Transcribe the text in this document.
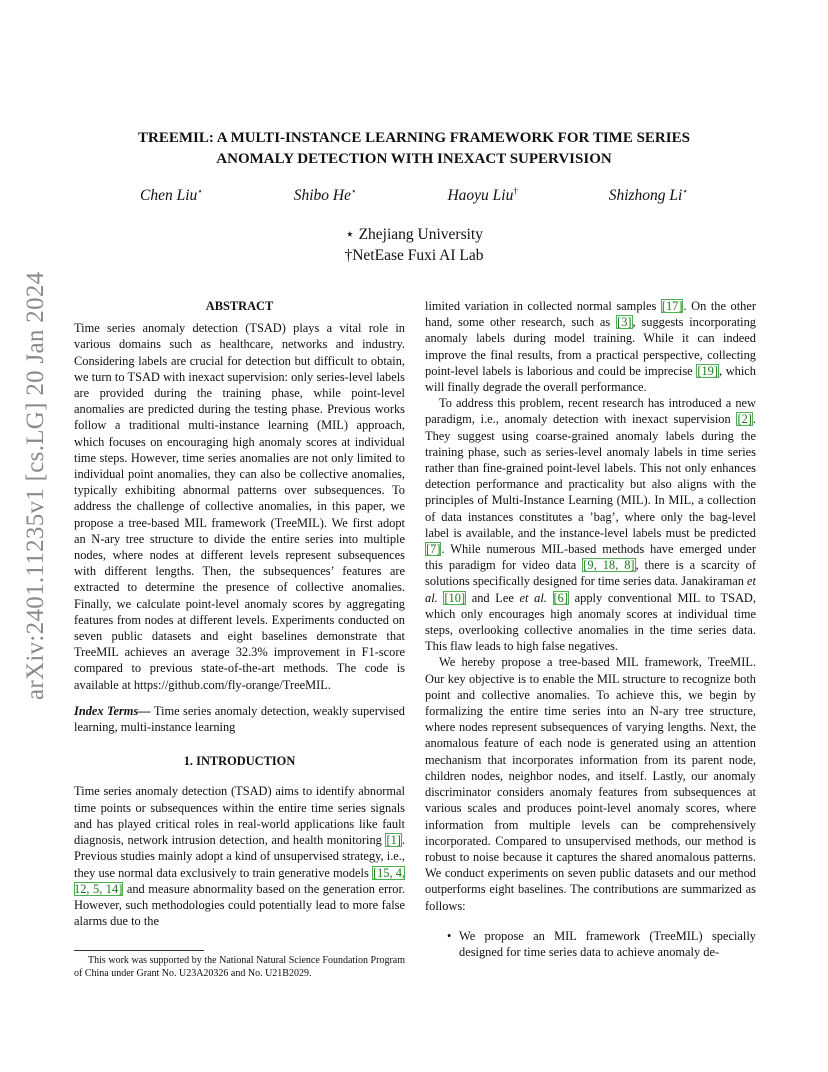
arXiv:2401.11235v1 [cs.LG] 20 Jan 2024
TREEMIL: A MULTI-INSTANCE LEARNING FRAMEWORK FOR TIME SERIES
ANOMALY DETECTION WITH INEXACT SUPERVISION
Chen Liu⋆	Shibo He⋆	Haoyu Liu†	Shizhong Li⋆
⋆ Zhejiang University
†NetEase Fuxi AI Lab
ABSTRACT

Time series anomaly detection (TSAD) plays a vital role in various domains such as healthcare, networks and industry. Considering labels are crucial for detection but difficult to obtain, we turn to TSAD with inexact supervision: only series-level labels are provided during the training phase, while point-level anomalies are predicted during the testing phase. Previous works follow a traditional multi-instance learning (MIL) approach, which focuses on encouraging high anomaly scores at individual time steps. However, time series anomalies are not only limited to individual point anomalies, they can also be collective anomalies, typically exhibiting abnormal patterns over subsequences. To address the challenge of collective anomalies, in this paper, we propose a tree-based MIL framework (TreeMIL). We first adopt an N-ary tree structure to divide the entire series into multiple nodes, where nodes at different levels represent subsequences with different lengths. Then, the subsequences’ features are extracted to determine the presence of collective anomalies. Finally, we calculate point-level anomaly scores by aggregating features from nodes at different levels. Experiments conducted on seven public datasets and eight baselines demonstrate that TreeMIL achieves an average 32.3% improvement in F1-score compared to previous state-of-the-art methods. The code is available at https://github.com/fly-orange/TreeMIL.

Index Terms— Time series anomaly detection, weakly supervised learning, multi-instance learning

1. INTRODUCTION

Time series anomaly detection (TSAD) aims to identify abnormal time points or subsequences within the entire time series signals and has played critical roles in real-world applications like fault diagnosis, network intrusion detection, and health monitoring [1]. Previous studies mainly adopt a kind of unsupervised strategy, i.e., they use normal data exclusively to train generative models [15, 4, 12, 5, 14] and measure abnormality based on the generation error. However, such methodologies could potentially lead to more false alarms due to the

This work was supported by the National Natural Science Foundation Program of China under Grant No. U23A20326 and No. U21B2029.

limited variation in collected normal samples [17]. On the other hand, some other research, such as [3], suggests incorporating anomaly labels during model training. While it can indeed improve the final results, from a practical perspective, collecting point-level labels is laborious and could be imprecise [19], which will finally degrade the overall performance.

To address this problem, recent research has introduced a new paradigm, i.e., anomaly detection with inexact supervision [2]. They suggest using coarse-grained anomaly labels during the training phase, such as series-level anomaly labels in time series rather than fine-grained point-level labels. This not only enhances detection performance and practicality but also aligns with the principles of Multi-Instance Learning (MIL). In MIL, a collection of data instances constitutes a ’bag’, where only the bag-level label is available, and the instance-level labels must be predicted [7]. While numerous MIL-based methods have emerged under this paradigm for video data [9, 18, 8], there is a scarcity of solutions specifically designed for time series data. Janakiraman et al. [10] and Lee et al. [6] apply conventional MIL to TSAD, which only encourages high anomaly scores at individual time steps, overlooking collective anomalies in the time series data. This flaw leads to high false negatives.

We hereby propose a tree-based MIL framework, TreeMIL. Our key objective is to enable the MIL structure to recognize both point and collective anomalies. To achieve this, we begin by formalizing the entire time series into an N-ary tree structure, where nodes represent subsequences of varying lengths. Next, the anomalous feature of each node is generated using an attention mechanism that incorporates information from its parent node, children nodes, neighbor nodes, and itself. Lastly, our anomaly discriminator considers anomaly features from subsequences at various scales and produces point-level anomaly scores, where information from multiple levels can be comprehensively incorporated. Compared to unsupervised methods, our method is robust to noise because it captures the shared anomalous patterns. We conduct experiments on seven public datasets and our method outperforms eight baselines. The contributions are summarized as follows:

• We propose an MIL framework (TreeMIL) specially designed for time series data to achieve anomaly de-
